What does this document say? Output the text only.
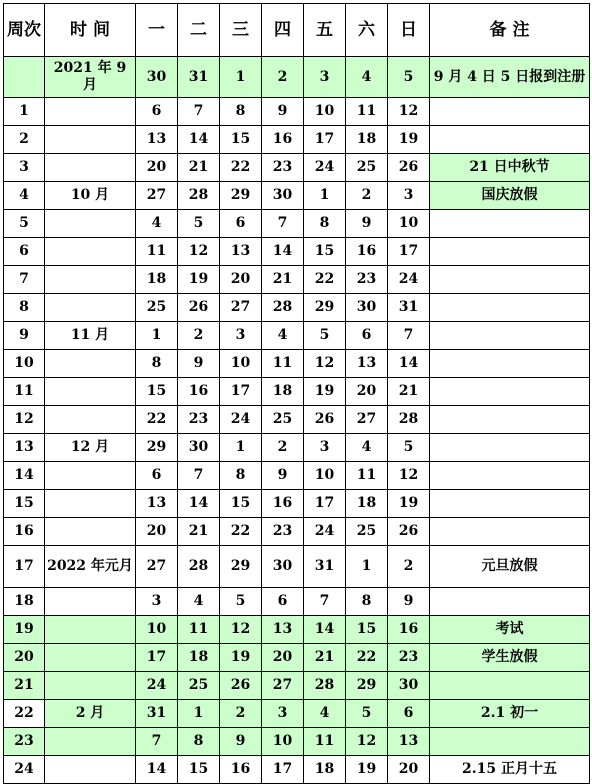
周次	时 间	一	二	三	四	五	六	日	备 注
	2021 年 9 月	30	31	1	2	3	4	5	9 月 4 日 5 日报到注册
1		6	7	8	9	10	11	12	
2		13	14	15	16	17	18	19	
3		20	21	22	23	24	25	26	21 日中秋节
4	10 月	27	28	29	30	1	2	3	国庆放假
5		4	5	6	7	8	9	10	
6		11	12	13	14	15	16	17	
7		18	19	20	21	22	23	24	
8		25	26	27	28	29	30	31	
9	11 月	1	2	3	4	5	6	7	
10		8	9	10	11	12	13	14	
11		15	16	17	18	19	20	21	
12		22	23	24	25	26	27	28	
13	12 月	29	30	1	2	3	4	5	
14		6	7	8	9	10	11	12	
15		13	14	15	16	17	18	19	
16		20	21	22	23	24	25	26	
17	2022 年元月	27	28	29	30	31	1	2	元旦放假
18		3	4	5	6	7	8	9	
19		10	11	12	13	14	15	16	考试
20		17	18	19	20	21	22	23	学生放假
21		24	25	26	27	28	29	30	
22	2 月	31	1	2	3	4	5	6	2.1 初一
23		7	8	9	10	11	12	13	
24		14	15	16	17	18	19	20	2.15 正月十五
